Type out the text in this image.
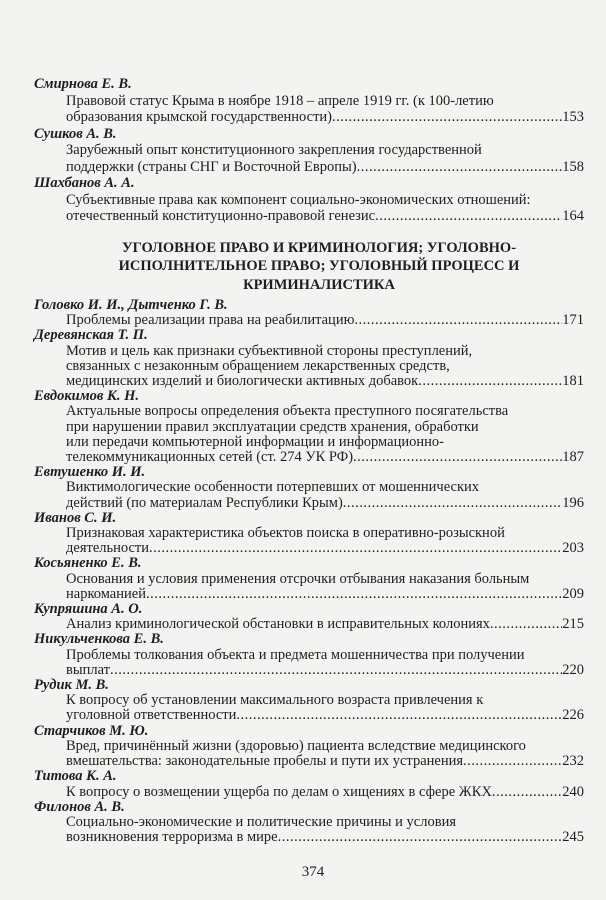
Смирнова Е. В.
Правовой статус Крыма в ноябре 1918 – апреле 1919 гг. (к 100-летию
образования крымской государственности) .....	153
Сушков А. В.
Зарубежный опыт конституционного закрепления государственной
поддержки (страны СНГ и Восточной Европы) .....	158
Шахбанов А. А.
Субъективные права как компонент социально-экономических отношений:
отечественный конституционно-правовой генезис .....	164
УГОЛОВНОЕ ПРАВО И КРИМИНОЛОГИЯ; УГОЛОВНО-
ИСПОЛНИТЕЛЬНОЕ ПРАВО; УГОЛОВНЫЙ ПРОЦЕСС И
КРИМИНАЛИСТИКА
Головко И. И., Дытченко Г. В.
Проблемы реализации права на реабилитацию .....	171
Деревянская Т. П.
Мотив и цель как признаки субъективной стороны преступлений,
связанных с незаконным обращением лекарственных средств,
медицинских изделий и биологически активных добавок .....	181
Евдокимов К. Н.
Актуальные вопросы определения объекта преступного посягательства
при нарушении правил эксплуатации средств хранения, обработки
или передачи компьютерной информации и информационно-
телекоммуникационных сетей (ст. 274 УК РФ) .....	187
Евтушенко И. И.
Виктимологические особенности потерпевших от мошеннических
действий (по материалам Республики Крым) .....	196
Иванов С. И.
Признаковая характеристика объектов поиска в оперативно-розыскной
деятельности .....	203
Косьяненко Е. В.
Основания и условия применения отсрочки отбывания наказания больным
наркоманией .....	209
Купряшина А. О.
Анализ криминологической обстановки в исправительных колониях .....	215
Никульченкова Е. В.
Проблемы толкования объекта и предмета мошенничества при получении
выплат .....	220
Рудик М. В.
К вопросу об установлении максимального возраста привлечения к
уголовной ответственности .....	226
Старчиков М. Ю.
Вред, причинённый жизни (здоровью) пациента вследствие медицинского
вмешательства: законодательные пробелы и пути их устранения .....	232
Титова К. А.
К вопросу о возмещении ущерба по делам о хищениях в сфере ЖКХ .....	240
Филонов А. В.
Социально-экономические и политические причины и условия
возникновения терроризма в мире .....	245
374
